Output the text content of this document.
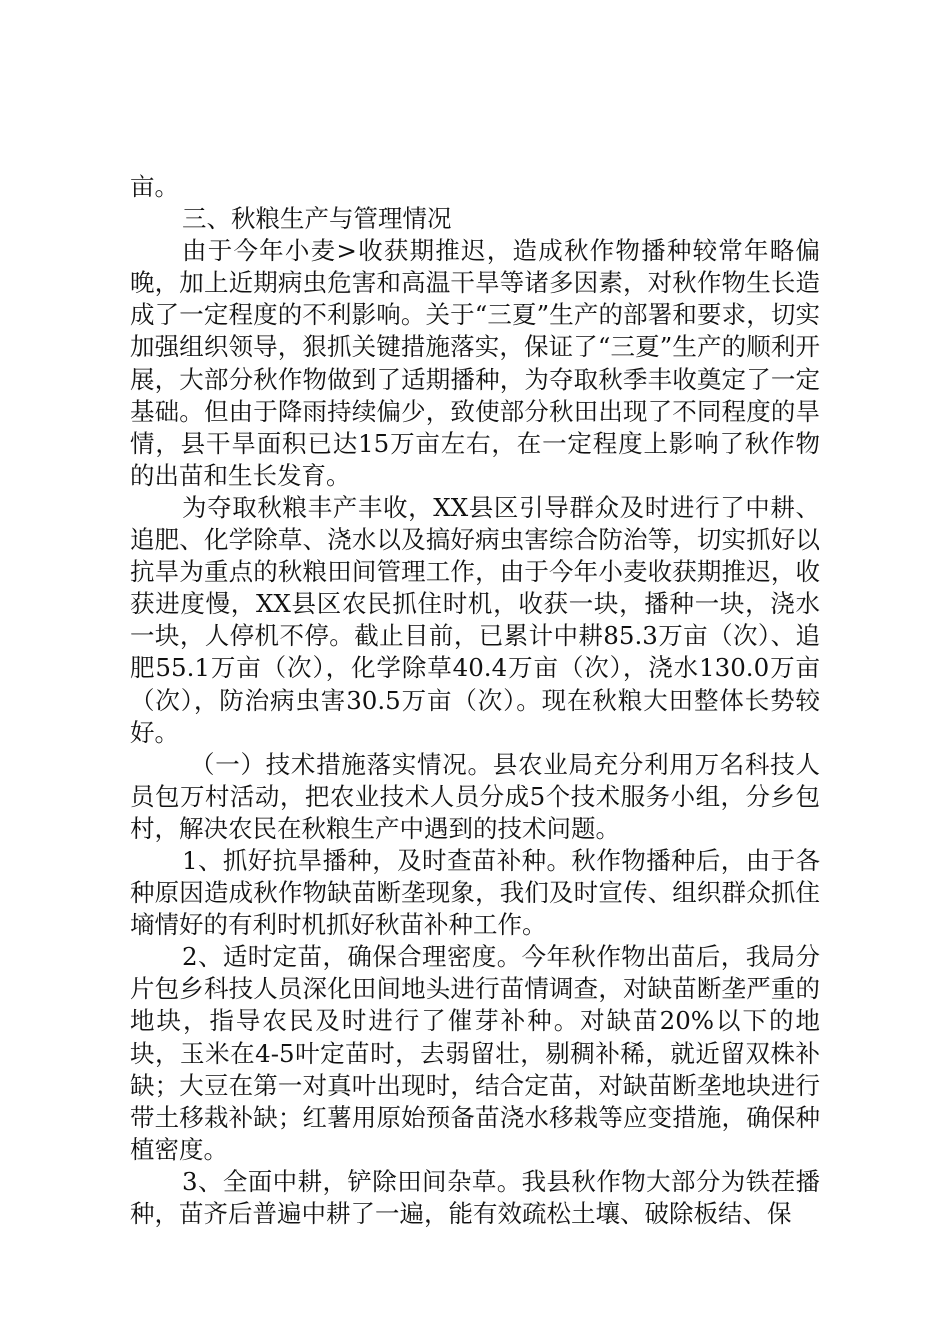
亩。

三、秋粮生产与管理情况

由于今年小麦>收获期推迟，造成秋作物播种较常年略偏晚，加上近期病虫危害和高温干旱等诸多因素，对秋作物生长造成了一定程度的不利影响。关于“三夏”生产的部署和要求，切实加强组织领导，狠抓关键措施落实，保证了“三夏”生产的顺利开展，大部分秋作物做到了适期播种，为夺取秋季丰收奠定了一定基础。但由于降雨持续偏少，致使部分秋田出现了不同程度的旱情，县干旱面积已达15万亩左右，在一定程度上影响了秋作物的出苗和生长发育。

为夺取秋粮丰产丰收，XX县区引导群众及时进行了中耕、追肥、化学除草、浇水以及搞好病虫害综合防治等，切实抓好以抗旱为重点的秋粮田间管理工作，由于今年小麦收获期推迟，收获进度慢，XX县区农民抓住时机，收获一块，播种一块，浇水一块，人停机不停。截止目前，已累计中耕85.3万亩（次）、追肥55.1万亩（次），化学除草40.4万亩（次），浇水130.0万亩（次），防治病虫害30.5万亩（次）。现在秋粮大田整体长势较好。

（一）技术措施落实情况。县农业局充分利用万名科技人员包万村活动，把农业技术人员分成5个技术服务小组，分乡包村，解决农民在秋粮生产中遇到的技术问题。

1、抓好抗旱播种，及时查苗补种。秋作物播种后，由于各种原因造成秋作物缺苗断垄现象，我们及时宣传、组织群众抓住墒情好的有利时机抓好秋苗补种工作。

2、适时定苗，确保合理密度。今年秋作物出苗后，我局分片包乡科技人员深化田间地头进行苗情调查，对缺苗断垄严重的地块，指导农民及时进行了催芽补种。对缺苗20%以下的地块，玉米在4-5叶定苗时，去弱留壮，剔稠补稀，就近留双株补缺；大豆在第一对真叶出现时，结合定苗，对缺苗断垄地块进行带土移栽补缺；红薯用原始预备苗浇水移栽等应变措施，确保种植密度。

3、全面中耕，铲除田间杂草。我县秋作物大部分为铁茬播种，苗齐后普遍中耕了一遍，能有效疏松土壤、破除板结、保
